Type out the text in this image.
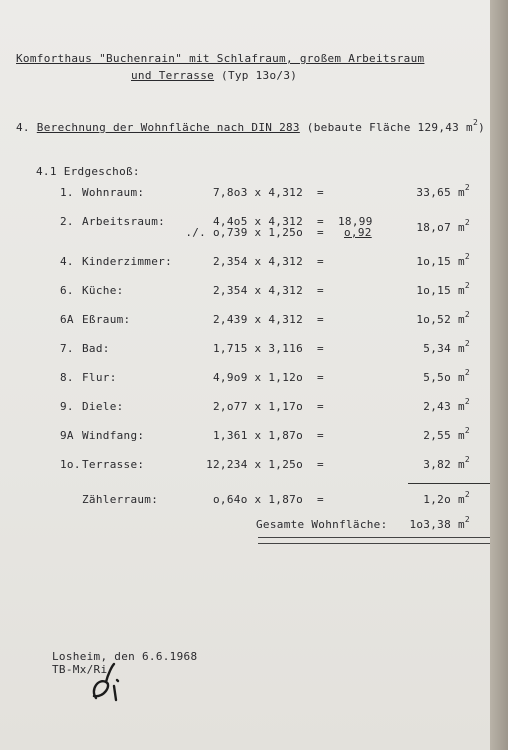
Komforthaus "Buchenrain" mit Schlafraum, großem Arbeitsraum
und Terrasse (Typ 13o/3)
4. Berechnung der Wohnfläche nach DIN 283 (bebaute Fläche 129,43 $m^2$)
4.1 Erdgeschoß:
1. Wohnraum:	7,8o3 x 4,312 =	33,65 $m^2$
2. Arbeitsraum:	4,4o5 x 4,312 = 18,99
./. o,739 x 1,25o = o,92	18,o7 $m^2$
4. Kinderzimmer:	2,354 x 4,312 =	1o,15 $m^2$
6. Küche:	2,354 x 4,312 =	1o,15 $m^2$
6A Eßraum:	2,439 x 4,312 =	1o,52 $m^2$
7. Bad:	1,715 x 3,116 =	5,34 $m^2$
8. Flur:	4,9o9 x 1,12o =	5,5o $m^2$
9. Diele:	2,o77 x 1,17o =	2,43 $m^2$
9A Windfang:	1,361 x 1,87o =	2,55 $m^2$
1o. Terrasse:	12,234 x 1,25o =	3,82 $m^2$
Zählerraum:	o,64o x 1,87o =	1,2o $m^2$
Gesamte Wohnfläche: 1o3,38 $m^2$
Losheim, den 6.6.1968
TB-Mx/Ri
